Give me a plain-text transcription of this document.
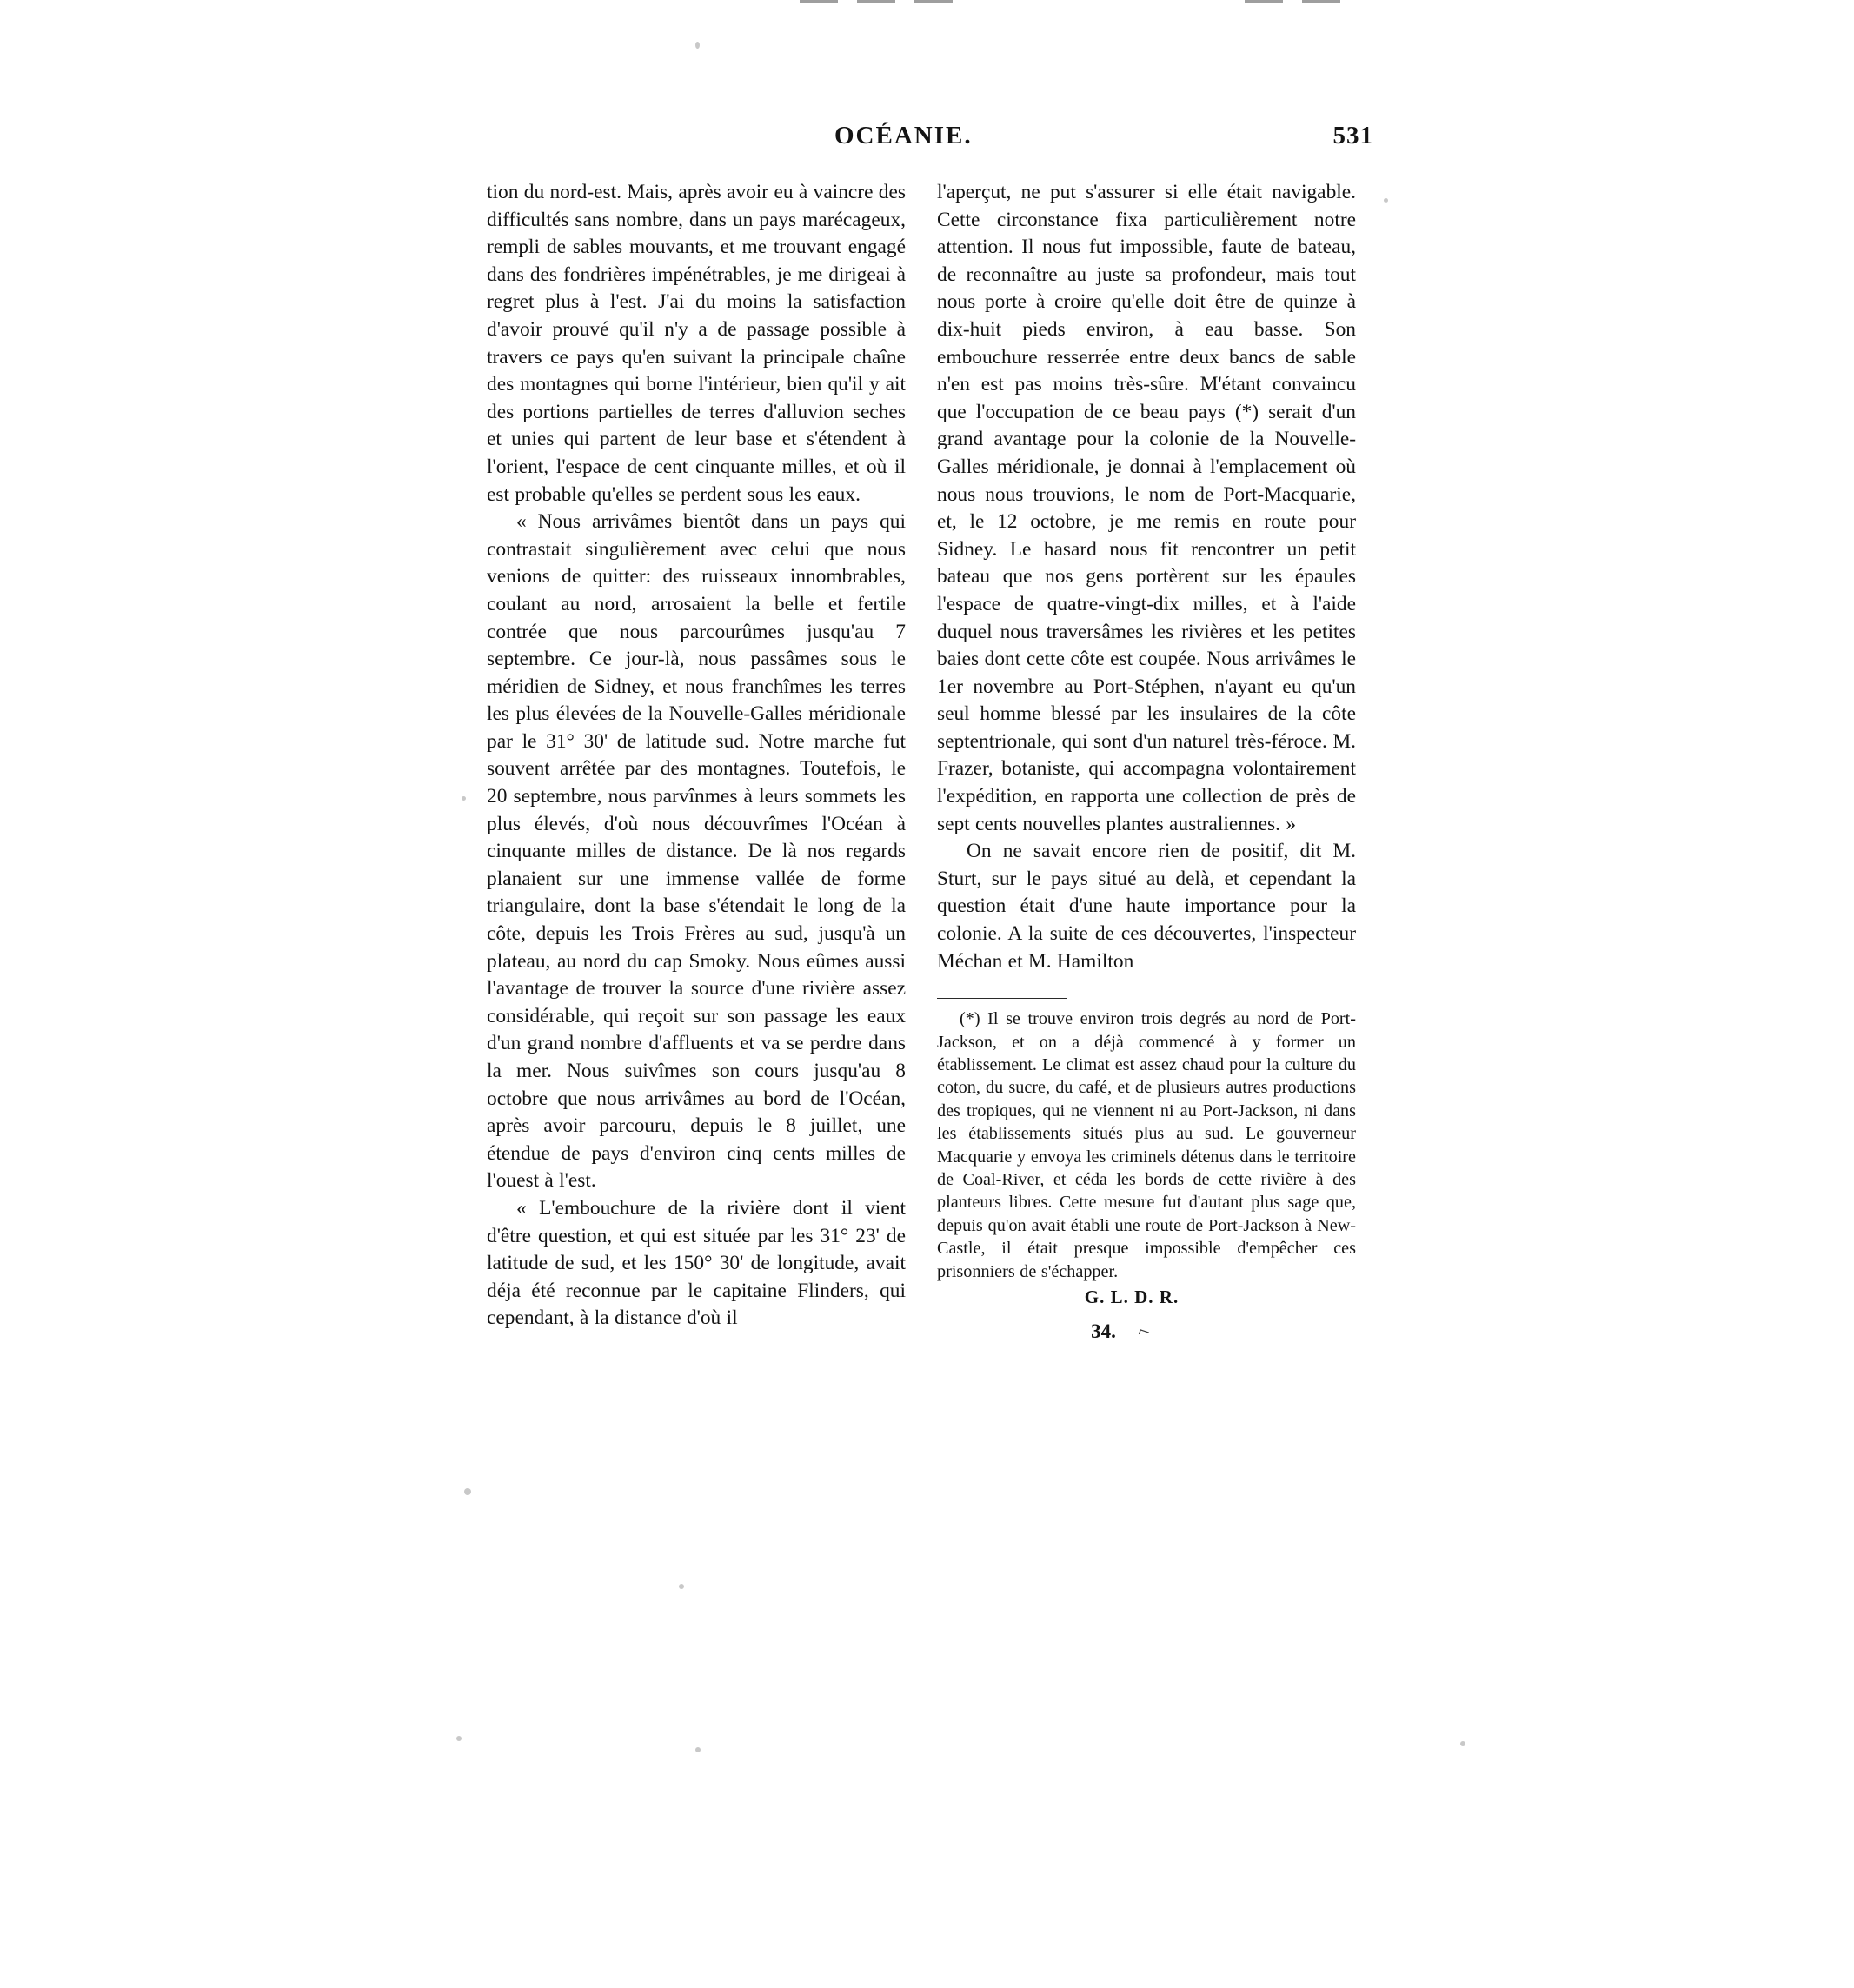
OCÉANIE.	531

tion du nord-est. Mais, après avoir eu à vaincre des difficultés sans nombre, dans un pays marécageux, rempli de sables mouvants, et me trouvant engagé dans des fondrières impénétrables, je me dirigeai à regret plus à l'est. J'ai du moins la satisfaction d'avoir prouvé qu'il n'y a de passage possible à travers ce pays qu'en suivant la principale chaîne des montagnes qui borne l'intérieur, bien qu'il y ait des portions partielles de terres d'alluvion seches et unies qui partent de leur base et s'étendent à l'orient, l'espace de cent cinquante milles, et où il est probable qu'elles se perdent sous les eaux.

« Nous arrivâmes bientôt dans un pays qui contrastait singulièrement avec celui que nous venions de quitter: des ruisseaux innombrables, coulant au nord, arrosaient la belle et fertile contrée que nous parcourûmes jusqu'au 7 septembre. Ce jour-là, nous passâmes sous le méridien de Sidney, et nous franchîmes les terres les plus élevées de la Nouvelle-Galles méridionale par le 31° 30' de latitude sud. Notre marche fut souvent arrêtée par des montagnes. Toutefois, le 20 septembre, nous parvînmes à leurs sommets les plus élevés, d'où nous découvrîmes l'Océan à cinquante milles de distance. De là nos regards planaient sur une immense vallée de forme triangulaire, dont la base s'étendait le long de la côte, depuis les Trois Frères au sud, jusqu'à un plateau, au nord du cap Smoky. Nous eûmes aussi l'avantage de trouver la source d'une rivière assez considérable, qui reçoit sur son passage les eaux d'un grand nombre d'affluents et va se perdre dans la mer. Nous suivîmes son cours jusqu'au 8 octobre que nous arrivâmes au bord de l'Océan, après avoir parcouru, depuis le 8 juillet, une étendue de pays d'environ cinq cents milles de l'ouest à l'est.

« L'embouchure de la rivière dont il vient d'être question, et qui est située par les 31° 23' de latitude de sud, et les 150° 30' de longitude, avait déja été reconnue par le capitaine Flinders, qui cependant, à la distance d'où il

l'aperçut, ne put s'assurer si elle était navigable. Cette circonstance fixa particulièrement notre attention. Il nous fut impossible, faute de bateau, de reconnaître au juste sa profondeur, mais tout nous porte à croire qu'elle doit être de quinze à dix-huit pieds environ, à eau basse. Son embouchure resserrée entre deux bancs de sable n'en est pas moins très-sûre. M'étant convaincu que l'occupation de ce beau pays (*) serait d'un grand avantage pour la colonie de la Nouvelle-Galles méridionale, je donnai à l'emplacement où nous nous trouvions, le nom de Port-Macquarie, et, le 12 octobre, je me remis en route pour Sidney. Le hasard nous fit rencontrer un petit bateau que nos gens portèrent sur les épaules l'espace de quatre-vingt-dix milles, et à l'aide duquel nous traversâmes les rivières et les petites baies dont cette côte est coupée. Nous arrivâmes le 1er novembre au Port-Stéphen, n'ayant eu qu'un seul homme blessé par les insulaires de la côte septentrionale, qui sont d'un naturel très-féroce. M. Frazer, botaniste, qui accompagna volontairement l'expédition, en rapporta une collection de près de sept cents nouvelles plantes australiennes. »

On ne savait encore rien de positif, dit M. Sturt, sur le pays situé au delà, et cependant la question était d'une haute importance pour la colonie. A la suite de ces découvertes, l'inspecteur Méchan et M. Hamilton

(*) Il se trouve environ trois degrés au nord de Port-Jackson, et on a déjà commencé à y former un établissement. Le climat est assez chaud pour la culture du coton, du sucre, du café, et de plusieurs autres productions des tropiques, qui ne viennent ni au Port-Jackson, ni dans les établissements situés plus au sud. Le gouverneur Macquarie y envoya les criminels détenus dans le territoire de Coal-River, et céda les bords de cette rivière à des planteurs libres. Cette mesure fut d'autant plus sage que, depuis qu'on avait établi une route de Port-Jackson à New-Castle, il était presque impossible d'empêcher ces prisonniers de s'échapper.

G. L. D. R.
34. ⌐
